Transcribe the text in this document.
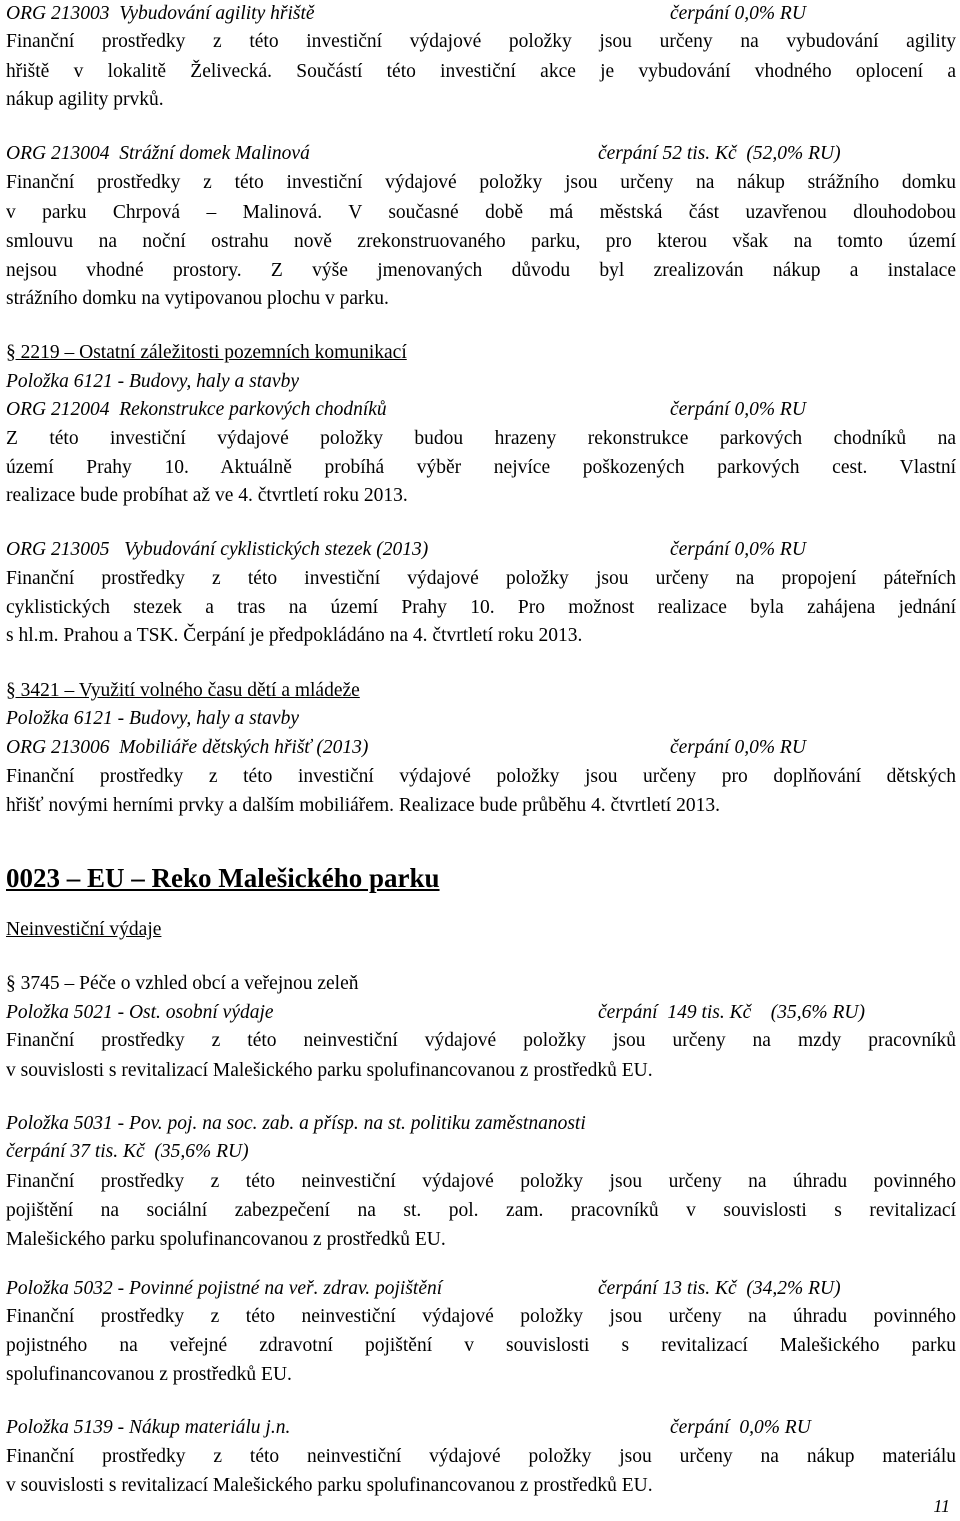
ORG 213003  Vybudování agility hřiště	čerpání 0,0% RU
Finanční prostředky z této investiční výdajové položky jsou určeny na vybudování agility
hřiště v lokalitě Želivecká. Součástí této investiční akce je vybudování vhodného oplocení a
nákup agility prvků.
ORG 213004  Strážní domek Malinová	čerpání 52 tis. Kč  (52,0% RU)
Finanční prostředky z této investiční výdajové položky jsou určeny na nákup strážního domku
v parku Chrpová – Malinová. V současné době má městská část uzavřenou dlouhodobou
smlouvu na noční ostrahu nově zrekonstruovaného parku, pro kterou však na tomto území
nejsou vhodné prostory. Z výše jmenovaných důvodu byl zrealizován nákup a instalace
strážního domku na vytipovanou plochu v parku.
§ 2219 – Ostatní záležitosti pozemních komunikací
Položka 6121 - Budovy, haly a stavby
ORG 212004  Rekonstrukce parkových chodníků	čerpání 0,0% RU
Z této investiční výdajové položky budou hrazeny rekonstrukce parkových chodníků na
území Prahy 10. Aktuálně probíhá výběr nejvíce poškozených parkových cest. Vlastní
realizace bude probíhat až ve 4. čtvrtletí roku 2013.
ORG 213005   Vybudování cyklistických stezek (2013)	čerpání 0,0% RU
Finanční prostředky z této investiční výdajové položky jsou určeny na propojení páteřních
cyklistických stezek a tras na území Prahy 10. Pro možnost realizace byla zahájena jednání
s hl.m. Prahou a TSK. Čerpání je předpokládáno na 4. čtvrtletí roku 2013.
§ 3421 – Využití volného času dětí a mládeže
Položka 6121 - Budovy, haly a stavby
ORG 213006  Mobiliáře dětských hřišť (2013)	čerpání 0,0% RU
Finanční prostředky z této investiční výdajové položky jsou určeny pro doplňování dětských
hřišť novými herními prvky a dalším mobiliářem. Realizace bude průběhu 4. čtvrtletí 2013.
0023 – EU – Reko Malešického parku
Neinvestiční výdaje
§ 3745 – Péče o vzhled obcí a veřejnou zeleň
Položka 5021 - Ost. osobní výdaje	čerpání  149 tis. Kč    (35,6% RU)
Finanční prostředky z této neinvestiční výdajové položky jsou určeny na mzdy pracovníků
v souvislosti s revitalizací Malešického parku spolufinancovanou z prostředků EU.
Položka 5031 - Pov. poj. na soc. zab. a přísp. na st. politiku zaměstnanosti
čerpání 37 tis. Kč  (35,6% RU)
Finanční prostředky z této neinvestiční výdajové položky jsou určeny na úhradu povinného
pojištění na sociální zabezpečení na st. pol. zam. pracovníků v souvislosti s revitalizací
Malešického parku spolufinancovanou z prostředků EU.
Položka 5032 - Povinné pojistné na veř. zdrav. pojištění	čerpání 13 tis. Kč  (34,2% RU)
Finanční prostředky z této neinvestiční výdajové položky jsou určeny na úhradu povinného
pojistného na veřejné zdravotní pojištění v souvislosti s revitalizací Malešického parku
spolufinancovanou z prostředků EU.
Položka 5139 - Nákup materiálu j.n.	čerpání  0,0% RU
Finanční prostředky z této neinvestiční výdajové položky jsou určeny na nákup materiálu
v souvislosti s revitalizací Malešického parku spolufinancovanou z prostředků EU.
11
